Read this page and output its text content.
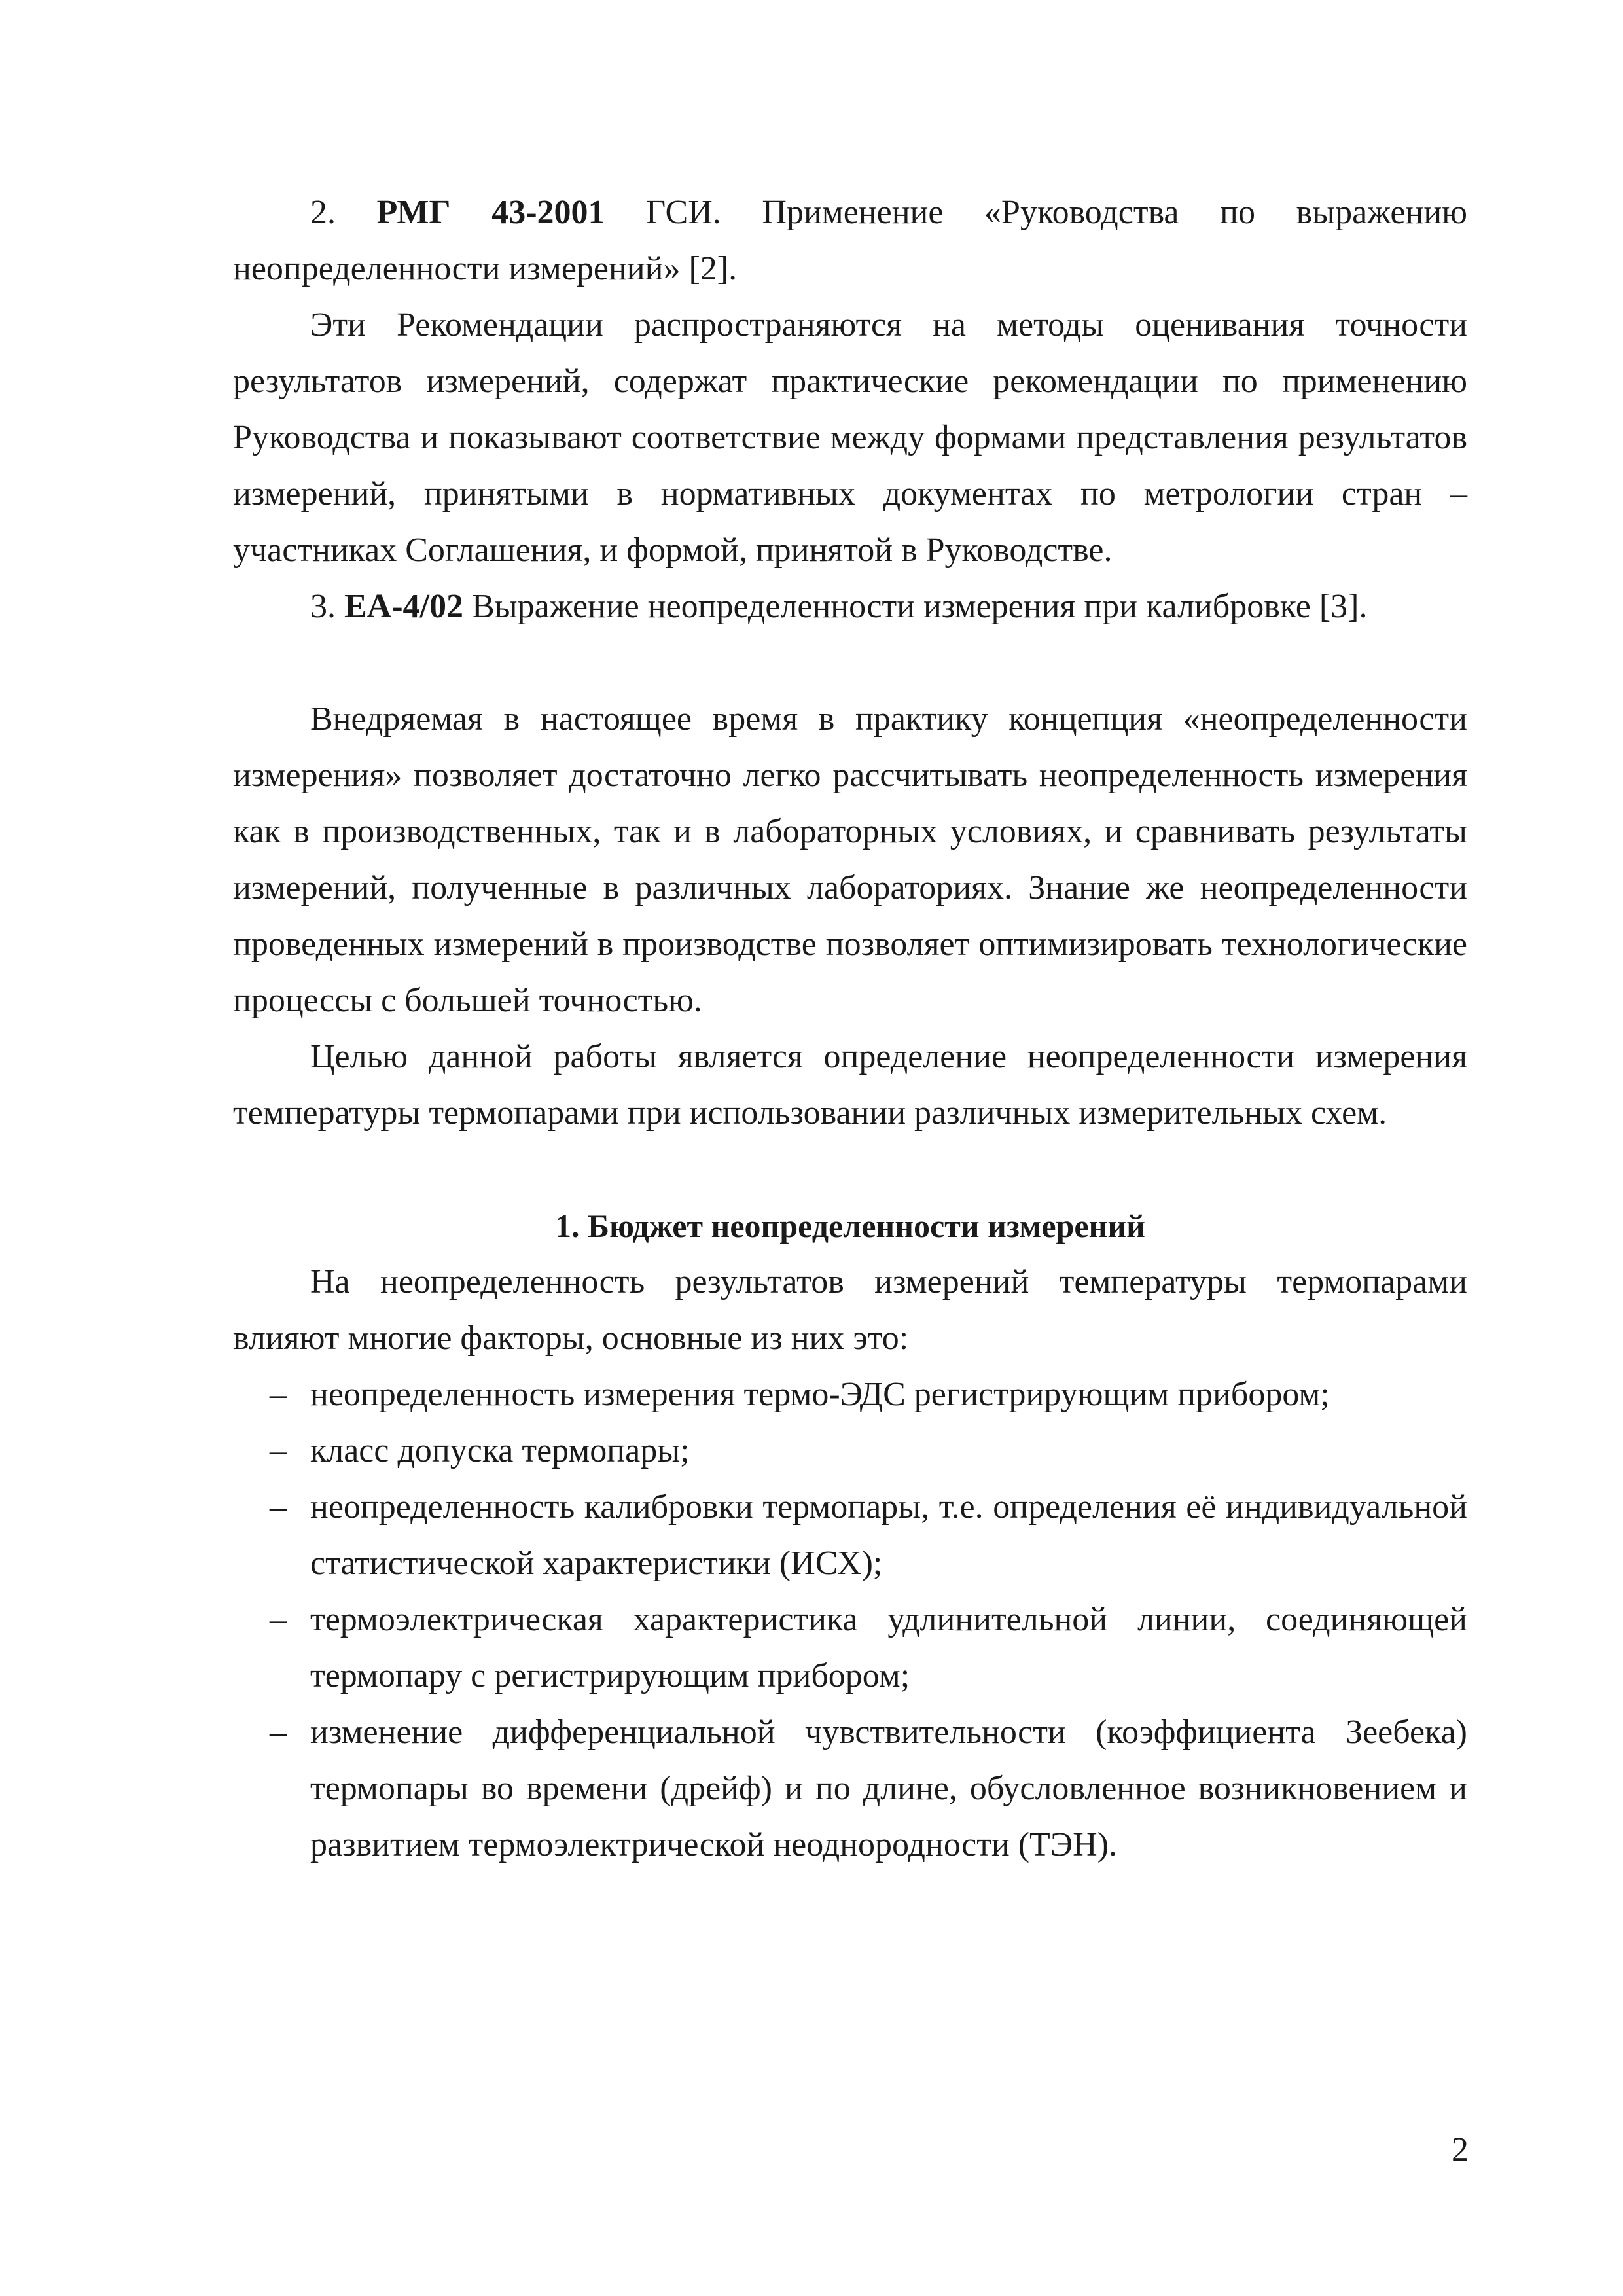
2. РМГ 43-2001 ГСИ. Применение «Руководства по выражению неопределенности измерений» [2].

Эти Рекомендации распространяются на методы оценивания точности результатов измерений, содержат практические рекомендации по применению Руководства и показывают соответствие между формами представления результатов измерений, принятыми в нормативных документах по метрологии стран – участниках Соглашения, и формой, принятой в Руководстве.

3. EA-4/02 Выражение неопределенности измерения при калибровке [3].

Внедряемая в настоящее время в практику концепция «неопределенности измерения» позволяет достаточно легко рассчитывать неопределенность измерения как в производственных, так и в лабораторных условиях, и сравнивать результаты измерений, полученные в различных лабораториях. Знание же неопределенности проведенных измерений в производстве позволяет оптимизировать технологические процессы с большей точностью.

Целью данной работы является определение неопределенности измерения температуры термопарами при использовании различных измерительных схем.

1. Бюджет неопределенности измерений

На неопределенность результатов измерений температуры термопарами влияют многие факторы, основные из них это:

– неопределенность измерения термо-ЭДС регистрирующим прибором;
– класс допуска термопары;
– неопределенность калибровки термопары, т.е. определения её индивидуальной статистической характеристики (ИСХ);
– термоэлектрическая характеристика удлинительной линии, соединяющей термопару с регистрирующим прибором;
– изменение дифференциальной чувствительности (коэффициента Зеебека) термопары во времени (дрейф) и по длине, обусловленное возникновением и развитием термоэлектрической неоднородности (ТЭН).
2
